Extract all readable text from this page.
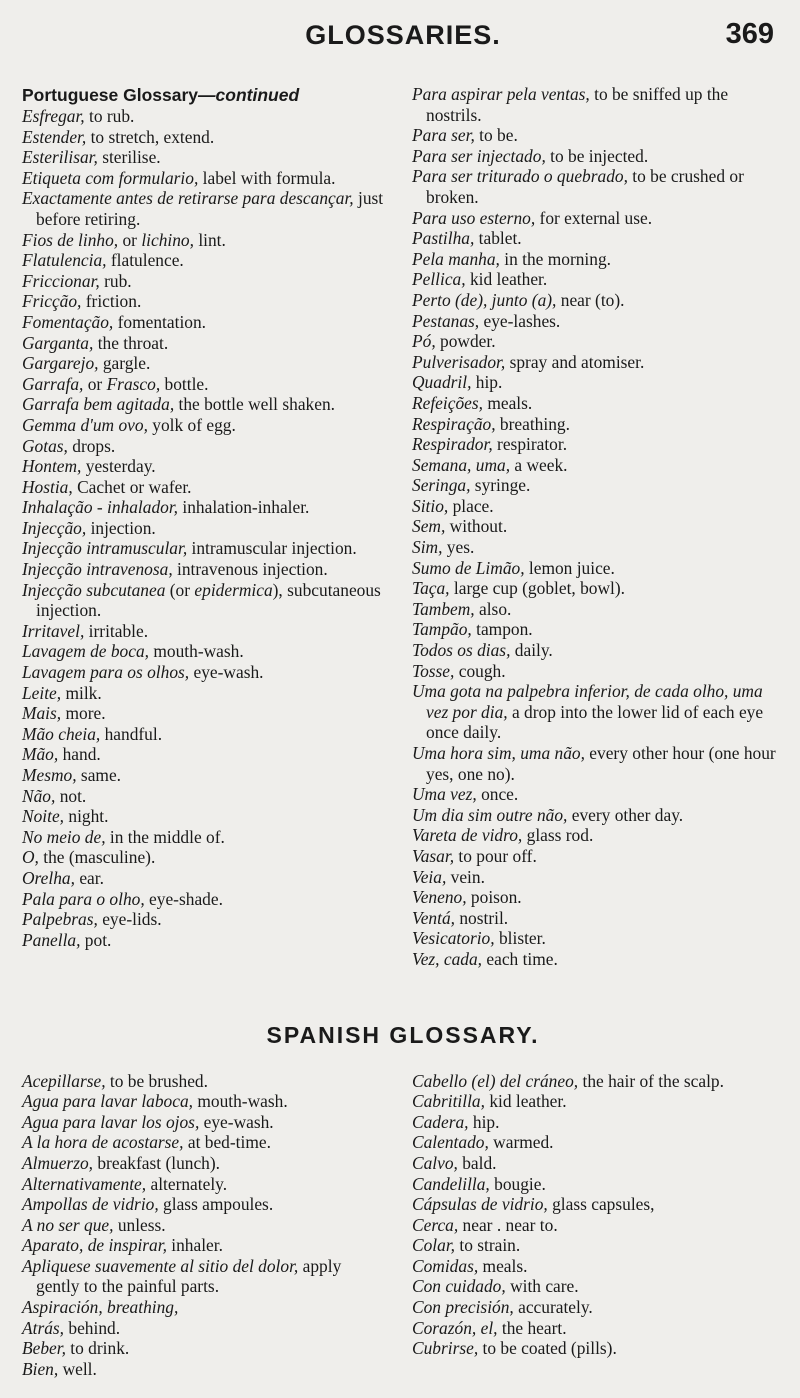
GLOSSARIES.	369

Portuguese Glossary—continued

Esfregar, to rub.

Estender, to stretch, extend.

Esterilisar, sterilise.

Etiqueta com formulario, label with formula.

Exactamente antes de retirarse para descançar, just before retiring.

Fios de linho, or lichino, lint.

Flatulencia, flatulence.

Friccionar, rub.

Fricção, friction.

Fomentação, fomentation.

Garganta, the throat.

Gargarejo, gargle.

Garrafa, or Frasco, bottle.

Garrafa bem agitada, the bottle well shaken.

Gemma d'um ovo, yolk of egg.

Gotas, drops.

Hontem, yesterday.

Hostia, Cachet or wafer.

Inhalação - inhalador, inhalation-inhaler.

Injecção, injection.

Injecção intramuscular, intramuscular injection.

Injecção intravenosa, intravenous injection.

Injecção subcutanea (or epidermica), subcutaneous injection.

Irritavel, irritable.

Lavagem de boca, mouth-wash.

Lavagem para os olhos, eye-wash.

Leite, milk.

Mais, more.

Mão cheia, handful.

Mão, hand.

Mesmo, same.

Não, not.

Noite, night.

No meio de, in the middle of.

O, the (masculine).

Orelha, ear.

Pala para o olho, eye-shade.

Palpebras, eye-lids.

Panella, pot.

Para aspirar pela ventas, to be sniffed up the nostrils.

Para ser, to be.

Para ser injectado, to be injected.

Para ser triturado o quebrado, to be crushed or broken.

Para uso esterno, for external use.

Pastilha, tablet.

Pela manha, in the morning.

Pellica, kid leather.

Perto (de), junto (a), near (to).

Pestanas, eye-lashes.

Pó, powder.

Pulverisador, spray and atomiser.

Quadril, hip.

Refeições, meals.

Respiração, breathing.

Respirador, respirator.

Semana, uma, a week.

Seringa, syringe.

Sitio, place.

Sem, without.

Sim, yes.

Sumo de Limão, lemon juice.

Taça, large cup (goblet, bowl).

Tambem, also.

Tampão, tampon.

Todos os dias, daily.

Tosse, cough.

Uma gota na palpebra inferior, de cada olho, uma vez por dia, a drop into the lower lid of each eye once daily.

Uma hora sim, uma não, every other hour (one hour yes, one no).

Uma vez, once.

Um dia sim outre não, every other day.

Vareta de vidro, glass rod.

Vasar, to pour off.

Veia, vein.

Veneno, poison.

Ventá, nostril.

Vesicatorio, blister.

Vez, cada, each time.

SPANISH GLOSSARY.

Acepillarse, to be brushed.

Agua para lavar laboca, mouth-wash.

Agua para lavar los ojos, eye-wash.

A la hora de acostarse, at bed-time.

Almuerzo, breakfast (lunch).

Alternativamente, alternately.

Ampollas de vidrio, glass ampoules.

A no ser que, unless.

Aparato, de inspirar, inhaler.

Apliquese suavemente al sitio del dolor, apply gently to the painful parts.

Aspiración, breathing,

Atrás, behind.

Beber, to drink.

Bien, well.

Cabello (el) del cráneo, the hair of the scalp.

Cabritilla, kid leather.

Cadera, hip.

Calentado, warmed.

Calvo, bald.

Candelilla, bougie.

Cápsulas de vidrio, glass capsules,

Cerca, near . near to.

Colar, to strain.

Comidas, meals.

Con cuidado, with care.

Con precisión, accurately.

Corazón, el, the heart.

Cubrirse, to be coated (pills).
